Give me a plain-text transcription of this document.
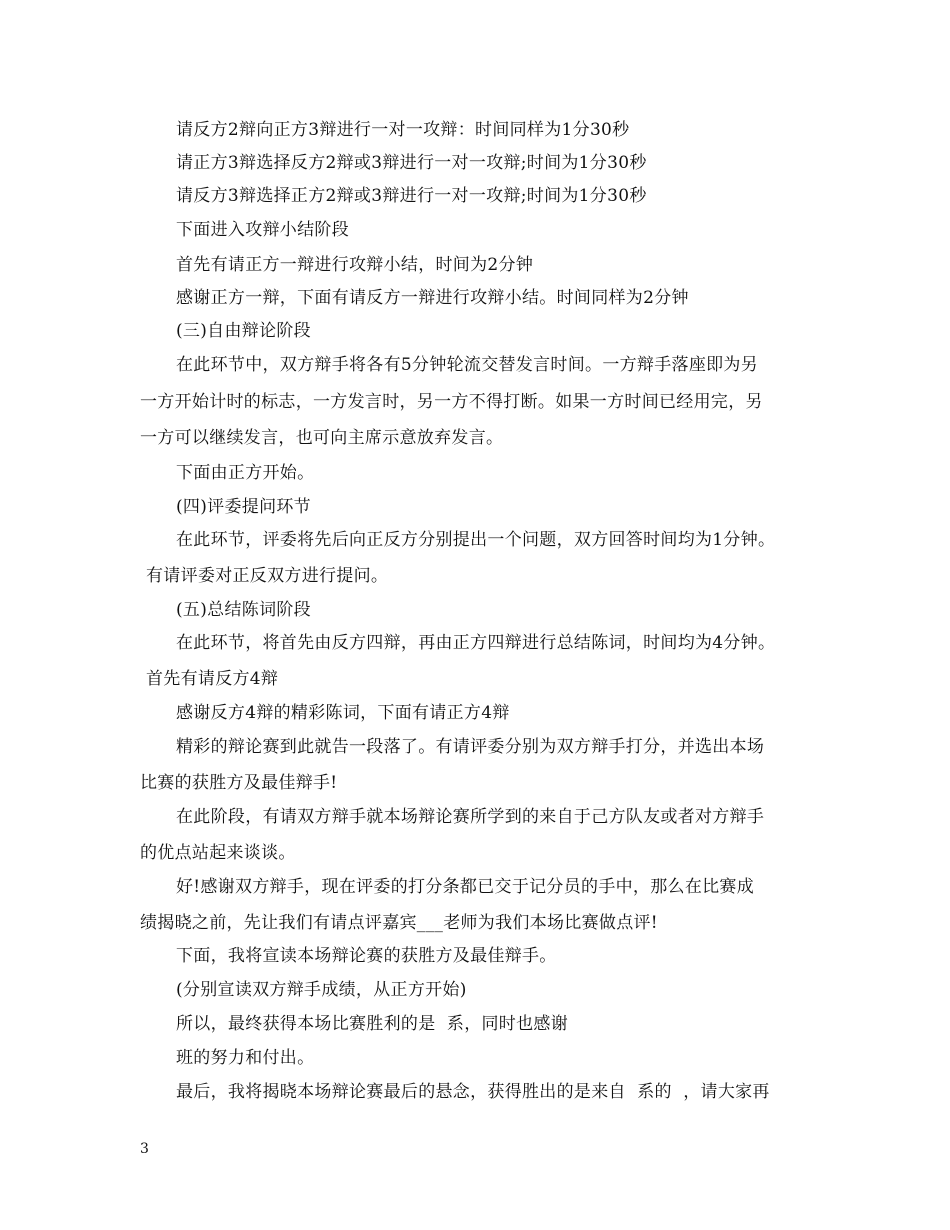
请反方2辩向正方3辩进行一对一攻辩：时间同样为1分30秒
请正方3辩选择反方2辩或3辩进行一对一攻辩;时间为1分30秒
请反方3辩选择正方2辩或3辩进行一对一攻辩;时间为1分30秒
下面进入攻辩小结阶段
首先有请正方一辩进行攻辩小结，时间为2分钟
感谢正方一辩，下面有请反方一辩进行攻辩小结。时间同样为2分钟
(三)自由辩论阶段
在此环节中，双方辩手将各有5分钟轮流交替发言时间。一方辩手落座即为另
一方开始计时的标志，一方发言时，另一方不得打断。如果一方时间已经用完，另
一方可以继续发言，也可向主席示意放弃发言。
下面由正方开始。
(四)评委提问环节
在此环节，评委将先后向正反方分别提出一个问题，双方回答时间均为1分钟。
有请评委对正反双方进行提问。
(五)总结陈词阶段
在此环节，将首先由反方四辩，再由正方四辩进行总结陈词，时间均为4分钟。
首先有请反方4辩
感谢反方4辩的精彩陈词，下面有请正方4辩
精彩的辩论赛到此就告一段落了。有请评委分别为双方辩手打分，并选出本场
比赛的获胜方及最佳辩手!
在此阶段，有请双方辩手就本场辩论赛所学到的来自于己方队友或者对方辩手
的优点站起来谈谈。
好!感谢双方辩手，现在评委的打分条都已交于记分员的手中，那么在比赛成
绩揭晓之前，先让我们有请点评嘉宾___老师为我们本场比赛做点评!
下面，我将宣读本场辩论赛的获胜方及最佳辩手。
(分别宣读双方辩手成绩，从正方开始)
所以，最终获得本场比赛胜利的是  系，同时也感谢
班的努力和付出。
最后，我将揭晓本场辩论赛最后的悬念，获得胜出的是来自  系的  ，请大家再
3
